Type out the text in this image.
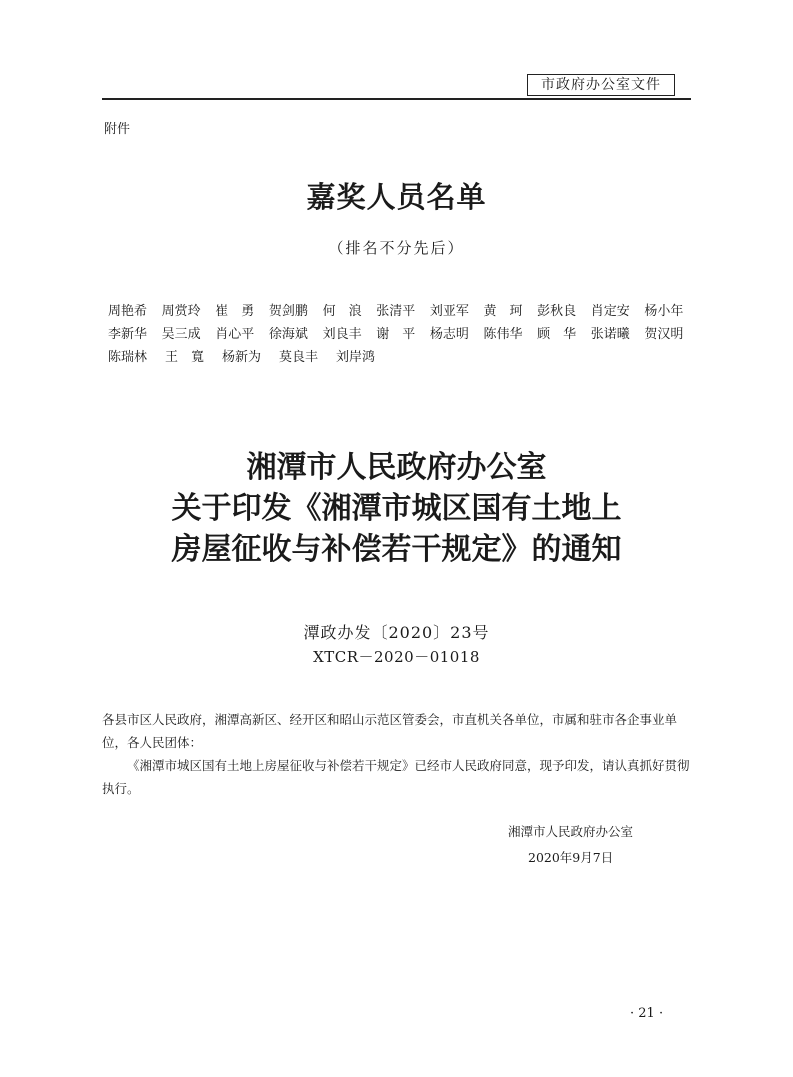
市政府办公室文件
附件
嘉奖人员名单
（排名不分先后）
周艳希	周赏玲	崔　勇	贺剑鹏	何　浪	张清平	刘亚军	黄　珂	彭秋良	肖定安	杨小年
李新华	吴三成	肖心平	徐海斌	刘良丰	谢　平	杨志明	陈伟华	顾　华	张诺曦	贺汉明
陈瑞林	王　寬	杨新为	莫良丰	刘岸鸿
湘潭市人民政府办公室
关于印发《湘潭市城区国有土地上
房屋征收与补偿若干规定》的通知
潭政办发〔2020〕23号
XTCR－2020－01018

各县市区人民政府，湘潭高新区、经开区和昭山示范区管委会，市直机关各单位，市属和驻市各企事业单位，各人民团体：

《湘潭市城区国有土地上房屋征收与补偿若干规定》已经市人民政府同意，现予印发，请认真抓好贯彻执行。

湘潭市人民政府办公室
2020年9月7日
· 21 ·
